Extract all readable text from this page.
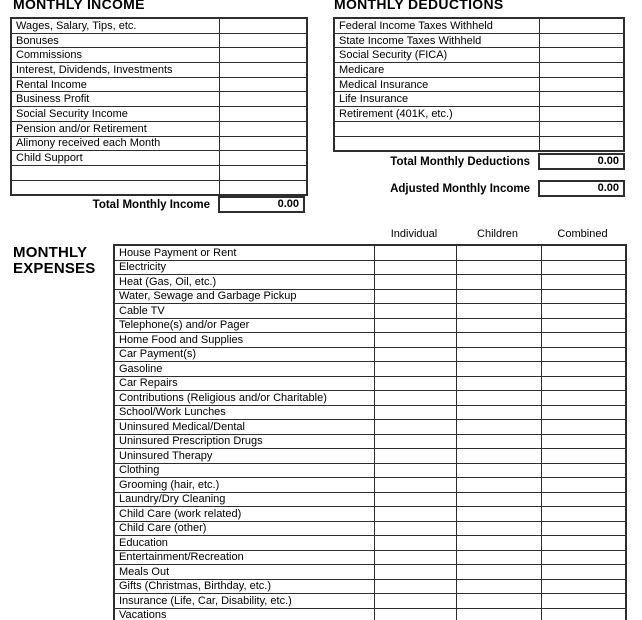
MONTHLY INCOME
Wages, Salary, Tips, etc.	
Bonuses	
Commissions	
Interest, Dividends, Investments	
Rental Income	
Business Profit	
Social Security Income	
Pension and/or Retirement	
Alimony received each Month	
Child Support	

Total Monthly Income	0.00
MONTHLY DEDUCTIONS
Federal Income Taxes Withheld	
State Income Taxes Withheld	
Social Security (FICA)	
Medicare	
Medical Insurance	
Life Insurance	
Retirement (401K, etc.)	

Total Monthly Deductions	0.00
Adjusted Monthly Income	0.00
Individual	Children	Combined
MONTHLY
EXPENSES
House Payment or Rent			
Electricity			
Heat (Gas, Oil, etc.)			
Water, Sewage and Garbage Pickup			
Cable TV			
Telephone(s) and/or Pager			
Home Food and Supplies			
Car Payment(s)			
Gasoline			
Car Repairs			
Contributions (Religious and/or Charitable)			
School/Work Lunches			
Uninsured Medical/Dental			
Uninsured Prescription Drugs			
Uninsured Therapy			
Clothing			
Grooming (hair, etc.)			
Laundry/Dry Cleaning			
Child Care (work related)			
Child Care (other)			
Education			
Entertainment/Recreation			
Meals Out			
Gifts (Christmas, Birthday, etc.)			
Insurance (Life, Car, Disability, etc.)			
Vacations			
